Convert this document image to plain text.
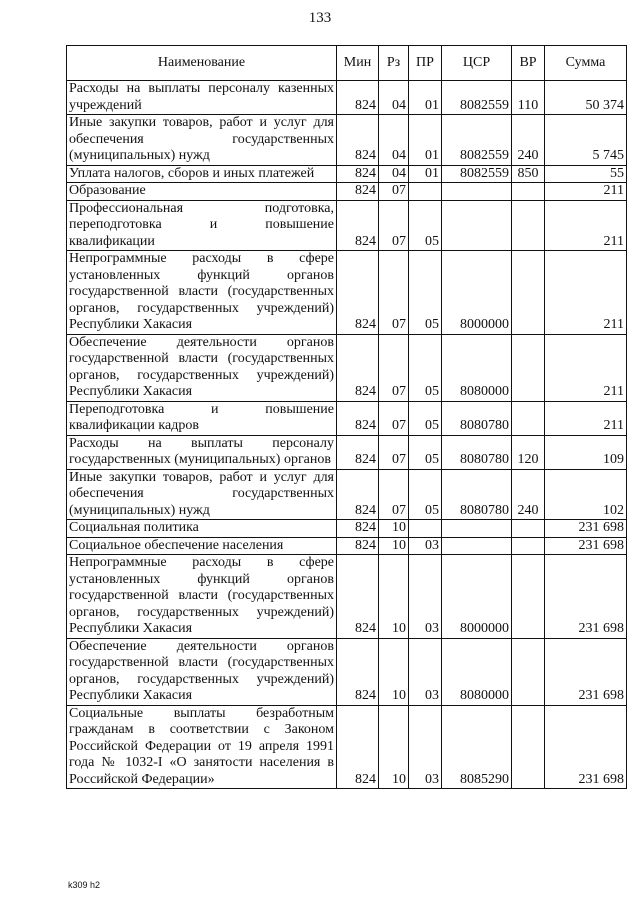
133
Наименование	Мин	Рз	ПР	ЦСР	ВР	Сумма
Расходы на выплаты персоналу казенных учреждений	824	04	01	8082559	110	50 374
Иные закупки товаров, работ и услуг для обеспечения государственных (муниципальных) нужд	824	04	01	8082559	240	5 745
Уплата налогов, сборов и иных платежей	824	04	01	8082559	850	55
Образование	824	07				211
Профессиональная подготовка, переподготовка и повышение квалификации	824	07	05			211
Непрограммные расходы в сфере установленных функций органов государственной власти (государственных органов, государственных учреждений) Республики Хакасия	824	07	05	8000000		211
Обеспечение деятельности органов государственной власти (государственных органов, государственных учреждений) Республики Хакасия	824	07	05	8080000		211
Переподготовка и повышение квалификации кадров	824	07	05	8080780		211
Расходы на выплаты персоналу государственных (муниципальных) органов	824	07	05	8080780	120	109
Иные закупки товаров, работ и услуг для обеспечения государственных (муниципальных) нужд	824	07	05	8080780	240	102
Социальная политика	824	10				231 698
Социальное обеспечение населения	824	10	03			231 698
Непрограммные расходы в сфере установленных функций органов государственной власти (государственных органов, государственных учреждений) Республики Хакасия	824	10	03	8000000		231 698
Обеспечение деятельности органов государственной власти (государственных органов, государственных учреждений) Республики Хакасия	824	10	03	8080000		231 698
Социальные выплаты безработным гражданам в соответствии с Законом Российской Федерации от 19 апреля 1991 года № 1032-I «О занятости населения в Российской Федерации»	824	10	03	8085290		231 698
k309 h2
